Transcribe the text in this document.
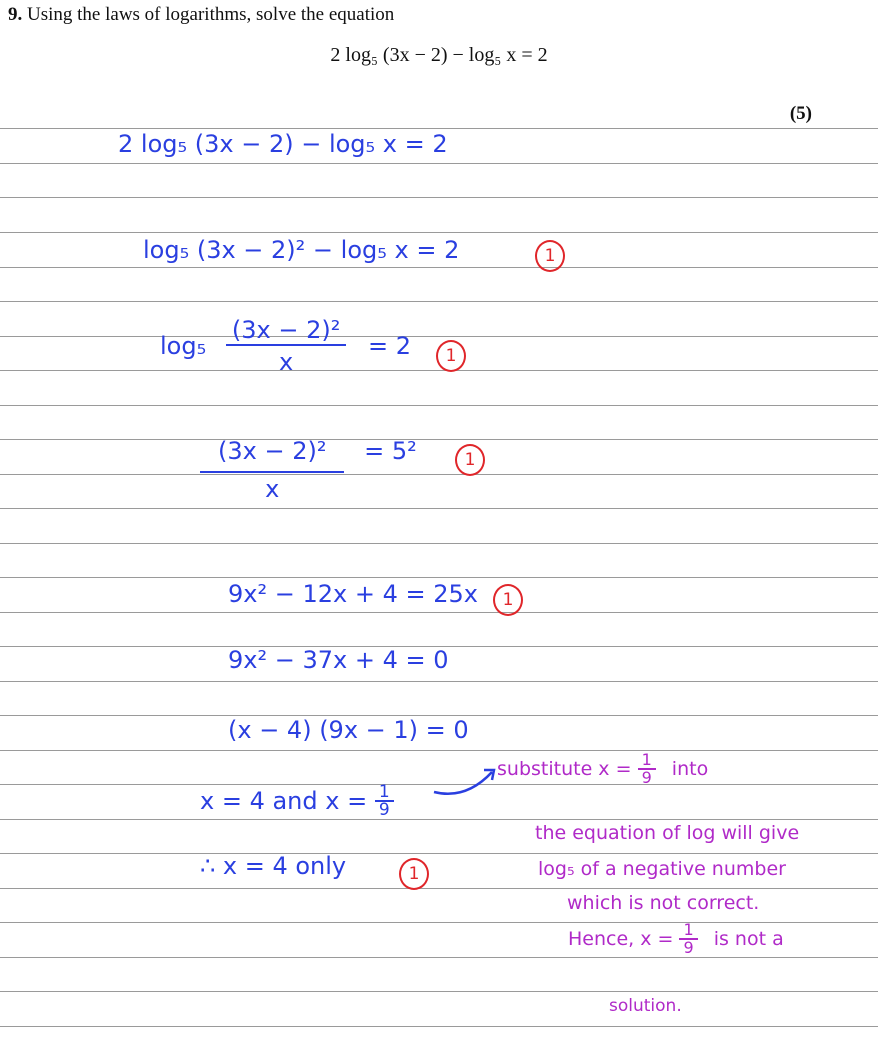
9. Using the laws of logarithms, solve the equation
2 log₅ (3x − 2) − log₅ x = 2
(5)
2 log₅ (3x − 2) − log₅ x = 2
log₅ (3x − 2)² − log₅ x = 2	1
$\log_5 \frac{\text{(3x − 2)²}}{x} = 2$	1
$\frac{\text{(3x − 2)²}}{x} = 5^2$	1
9x² − 12x + 4 = 25x	1
9x² − 37x + 4 = 0
(x − 4) (9x − 1) = 0
x = 4 and $x = \frac{1}{9}$
∴ x = 4 only	1
substitute $x = \frac{1}{9}$ into
the equation of log will give
log₅ of a negative number
which is not correct.
Hence, $x = \frac{1}{9}$ is not a
solution.
